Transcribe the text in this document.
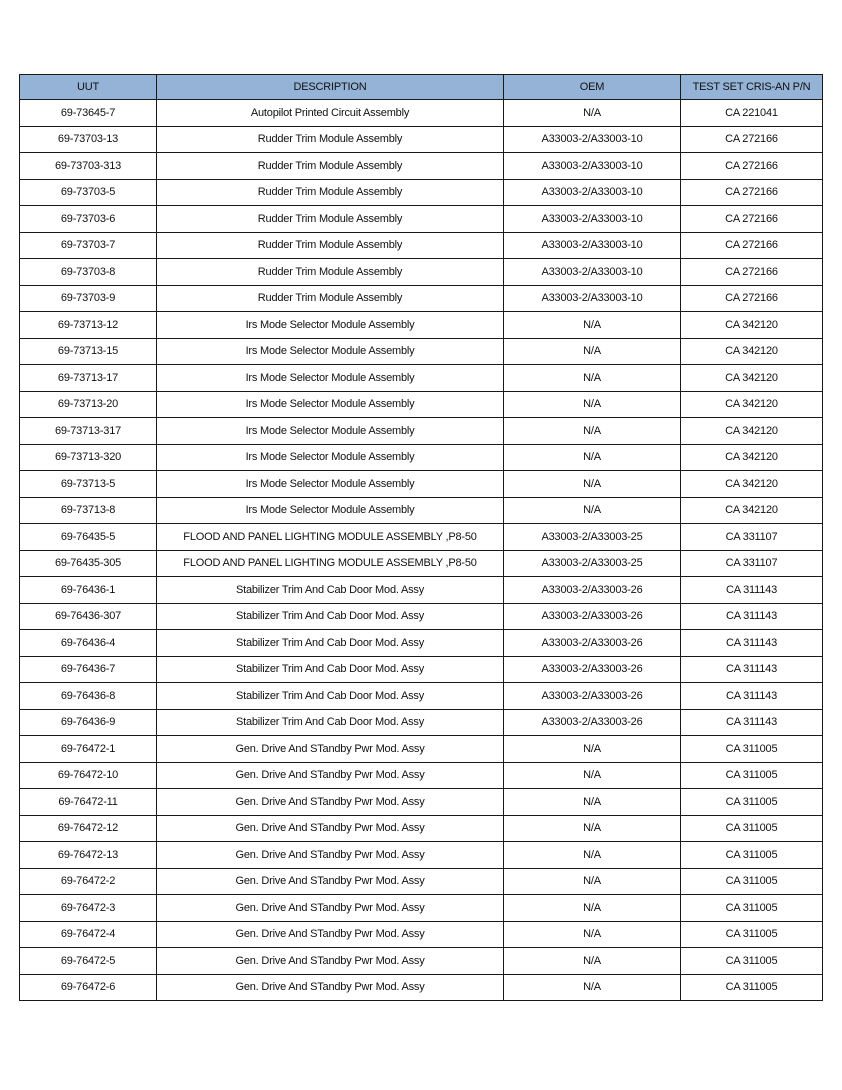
UUT	DESCRIPTION	OEM	TEST SET CRIS-AN P/N
69-73645-7	Autopilot Printed Circuit Assembly	N/A	CA 221041
69-73703-13	Rudder Trim Module Assembly	A33003-2/A33003-10	CA 272166
69-73703-313	Rudder Trim Module Assembly	A33003-2/A33003-10	CA 272166
69-73703-5	Rudder Trim Module Assembly	A33003-2/A33003-10	CA 272166
69-73703-6	Rudder Trim Module Assembly	A33003-2/A33003-10	CA 272166
69-73703-7	Rudder Trim Module Assembly	A33003-2/A33003-10	CA 272166
69-73703-8	Rudder Trim Module Assembly	A33003-2/A33003-10	CA 272166
69-73703-9	Rudder Trim Module Assembly	A33003-2/A33003-10	CA 272166
69-73713-12	Irs Mode Selector Module Assembly	N/A	CA 342120
69-73713-15	Irs Mode Selector Module Assembly	N/A	CA 342120
69-73713-17	Irs Mode Selector Module Assembly	N/A	CA 342120
69-73713-20	Irs Mode Selector Module Assembly	N/A	CA 342120
69-73713-317	Irs Mode Selector Module Assembly	N/A	CA 342120
69-73713-320	Irs Mode Selector Module Assembly	N/A	CA 342120
69-73713-5	Irs Mode Selector Module Assembly	N/A	CA 342120
69-73713-8	Irs Mode Selector Module Assembly	N/A	CA 342120
69-76435-5	FLOOD AND PANEL LIGHTING MODULE ASSEMBLY ,P8-50	A33003-2/A33003-25	CA 331107
69-76435-305	FLOOD AND PANEL LIGHTING MODULE ASSEMBLY ,P8-50	A33003-2/A33003-25	CA 331107
69-76436-1	Stabilizer Trim And Cab Door Mod. Assy	A33003-2/A33003-26	CA 311143
69-76436-307	Stabilizer Trim And Cab Door Mod. Assy	A33003-2/A33003-26	CA 311143
69-76436-4	Stabilizer Trim And Cab Door Mod. Assy	A33003-2/A33003-26	CA 311143
69-76436-7	Stabilizer Trim And Cab Door Mod. Assy	A33003-2/A33003-26	CA 311143
69-76436-8	Stabilizer Trim And Cab Door Mod. Assy	A33003-2/A33003-26	CA 311143
69-76436-9	Stabilizer Trim And Cab Door Mod. Assy	A33003-2/A33003-26	CA 311143
69-76472-1	Gen. Drive And STandby Pwr Mod. Assy	N/A	CA 311005
69-76472-10	Gen. Drive And STandby Pwr Mod. Assy	N/A	CA 311005
69-76472-11	Gen. Drive And STandby Pwr Mod. Assy	N/A	CA 311005
69-76472-12	Gen. Drive And STandby Pwr Mod. Assy	N/A	CA 311005
69-76472-13	Gen. Drive And STandby Pwr Mod. Assy	N/A	CA 311005
69-76472-2	Gen. Drive And STandby Pwr Mod. Assy	N/A	CA 311005
69-76472-3	Gen. Drive And STandby Pwr Mod. Assy	N/A	CA 311005
69-76472-4	Gen. Drive And STandby Pwr Mod. Assy	N/A	CA 311005
69-76472-5	Gen. Drive And STandby Pwr Mod. Assy	N/A	CA 311005
69-76472-6	Gen. Drive And STandby Pwr Mod. Assy	N/A	CA 311005
